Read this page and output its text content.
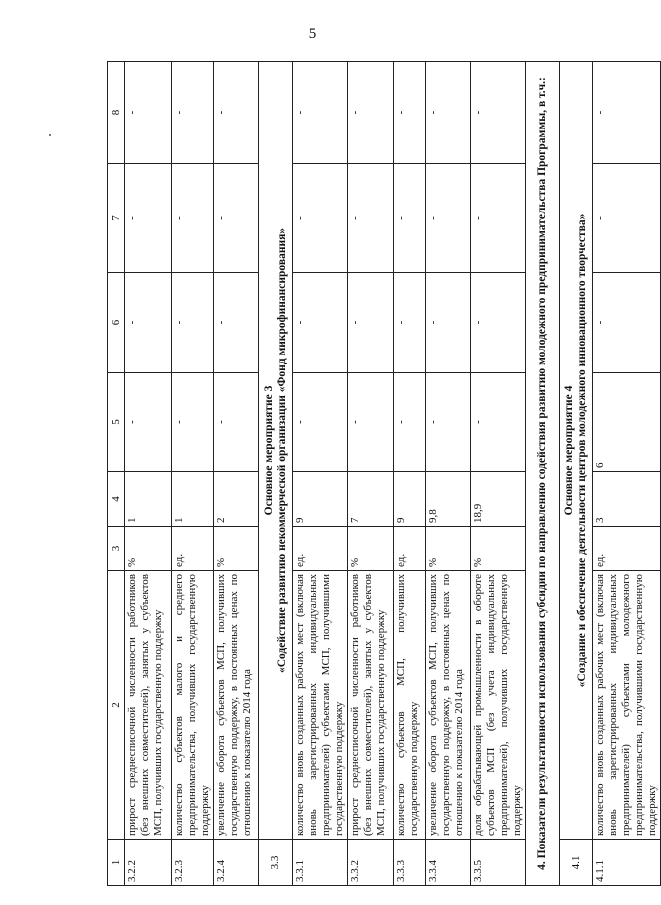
5
1	2	3	4	5	6	7	8
3.2.2	прирост среднесписочной численности работников (без внешних совместителей), занятых у субъектов МСП, получивших государственную поддержку	%	1	-	-	-	-
3.2.3	количество субъектов малого и среднего предпринимательства, получивших государственную поддержку	ед.	1	-	-	-	-
3.2.4	увеличение оборота субъектов МСП, получивших государственную поддержку, в постоянных ценах по отношению к показателю 2014 года	%	2	-	-	-	-
3.3	Основное мероприятие 3 «Содействие развитию некоммерческой организации «Фонд микрофинансирования»						

3.3.1	количество вновь созданных рабочих мест (включая вновь зарегистрированных индивидуальных предпринимателей) субъектами МСП, получившими государственную поддержку	ед.	9	-	-	-	-
3.3.2	прирост среднесписочной численности работников (без внешних совместителей), занятых у субъектов МСП, получивших государственную поддержку	%	7	-	-	-	-
3.3.3	количество субъектов МСП, получивших государственную поддержку	ед.	9	-	-	-	-
3.3.4	увеличение оборота субъектов МСП, получивших государственную поддержку, в постоянных ценах по отношению к показателю 2014 года	%	9,8	-	-	-	-
3.3.5	доля обрабатывающей промышленности в обороте субъектов МСП (без учета индивидуальных предпринимателей), получивших государственную поддержку	%	18,9	-	-	-	-
4. Показатели результативности использования субсидии по направлению содействия развитию молодежного предпринимательства Программы, в т.ч.:							
4.1	Основное мероприятие 4 «Создание и обеспечение деятельности центров молодежного инновационного творчества»						

4.1.1	количество вновь созданных рабочих мест (включая вновь зарегистрированных индивидуальных предпринимателей) субъектами молодежного предпринимательства, получившими государственную поддержку	ед.	3	6	-	-	-
